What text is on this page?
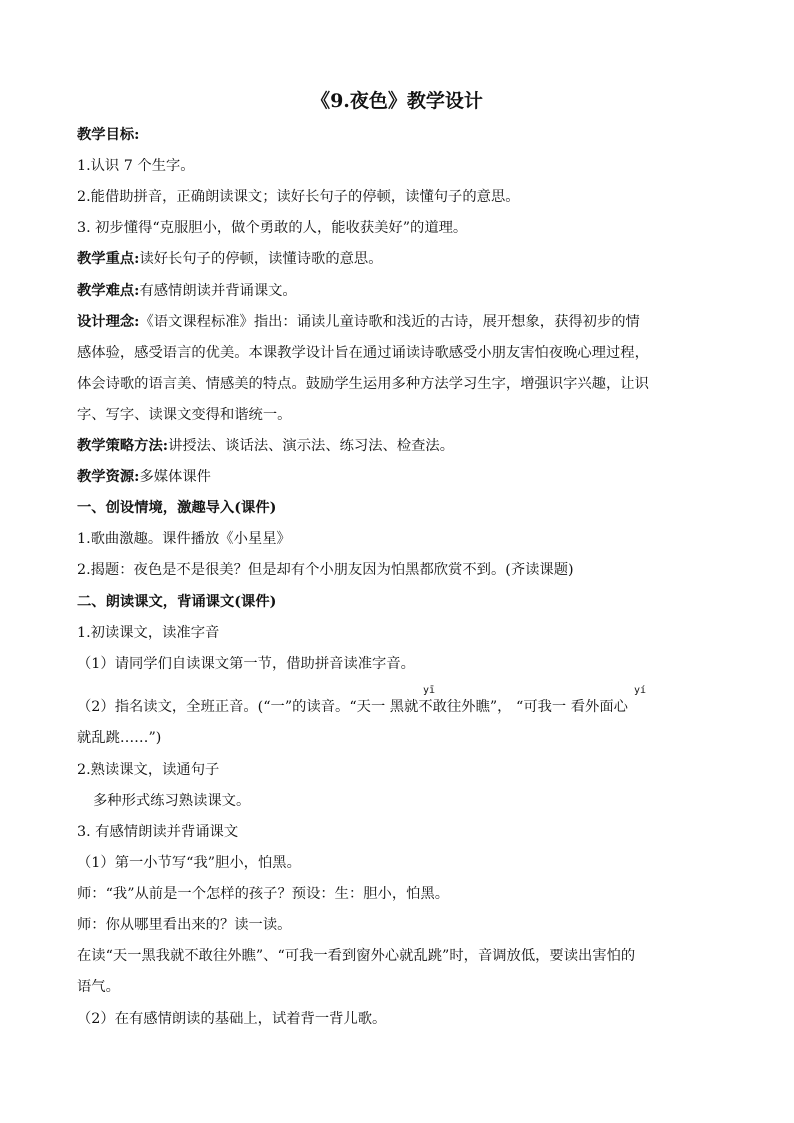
《9.夜色》教学设计
教学目标:
1.认识 7 个生字。
2.能借助拼音，正确朗读课文；读好长句子的停顿，读懂句子的意思。
3. 初步懂得“克服胆小，做个勇敢的人，能收获美好”的道理。
教学重点:读好长句子的停顿，读懂诗歌的意思。
教学难点:有感情朗读并背诵课文。
设计理念:《语文课程标准》指出：诵读儿童诗歌和浅近的古诗，展开想象，获得初步的情
感体验，感受语言的优美。本课教学设计旨在通过诵读诗歌感受小朋友害怕夜晚心理过程，
体会诗歌的语言美、情感美的特点。鼓励学生运用多种方法学习生字，增强识字兴趣，让识
字、写字、读课文变得和谐统一。
教学策略方法:讲授法、谈话法、演示法、练习法、检查法。
教学资源:多媒体课件
一、创设情境，激趣导入(课件)
1.歌曲激趣。课件播放《小星星》
2.揭题：夜色是不是很美？但是却有个小朋友因为怕黑都欣赏不到。(齐读课题)
二、朗读课文，背诵课文(课件)
1.初读课文，读准字音
（1）请同学们自读课文第一节，借助拼音读准字音。
yī	yí
（2）指名读文，全班正音。(“一”的读音。“天一 黑就不敢往外瞧”， “可我一 看外面心
就乱跳……”)
2.熟读课文，读通句子
多种形式练习熟读课文。
3. 有感情朗读并背诵课文
（1）第一小节写“我”胆小，怕黑。
师：“我”从前是一个怎样的孩子？预设：生：胆小，怕黑。
师：你从哪里看出来的？读一读。
在读“天一黑我就不敢往外瞧”、“可我一看到窗外心就乱跳”时，音调放低，要读出害怕的
语气。
（2）在有感情朗读的基础上，试着背一背儿歌。
